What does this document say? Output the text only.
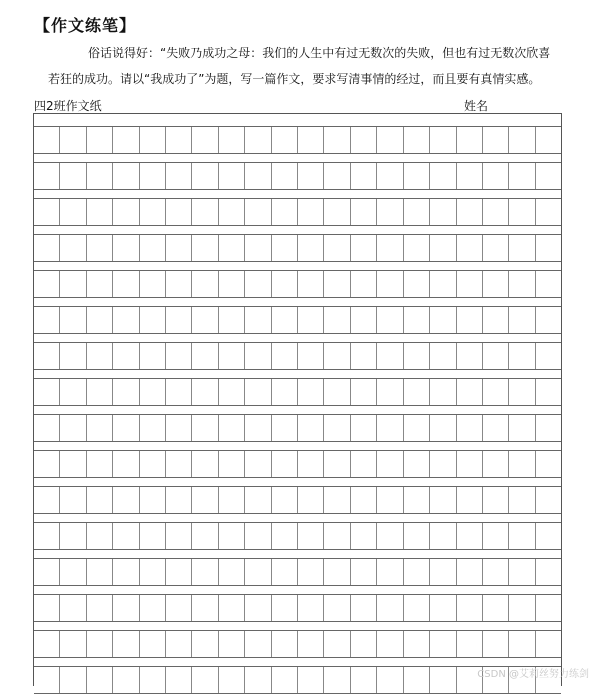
【作文练笔】
俗话说得好：“失败乃成功之母：我们的人生中有过无数次的失败，但也有过无数次欣喜
若狂的成功。请以“我成功了”为题，写一篇作文，要求写清事情的经过，而且要有真情实感。
四2班作文纸	姓名
CSDN @艾莉丝努力练剑
